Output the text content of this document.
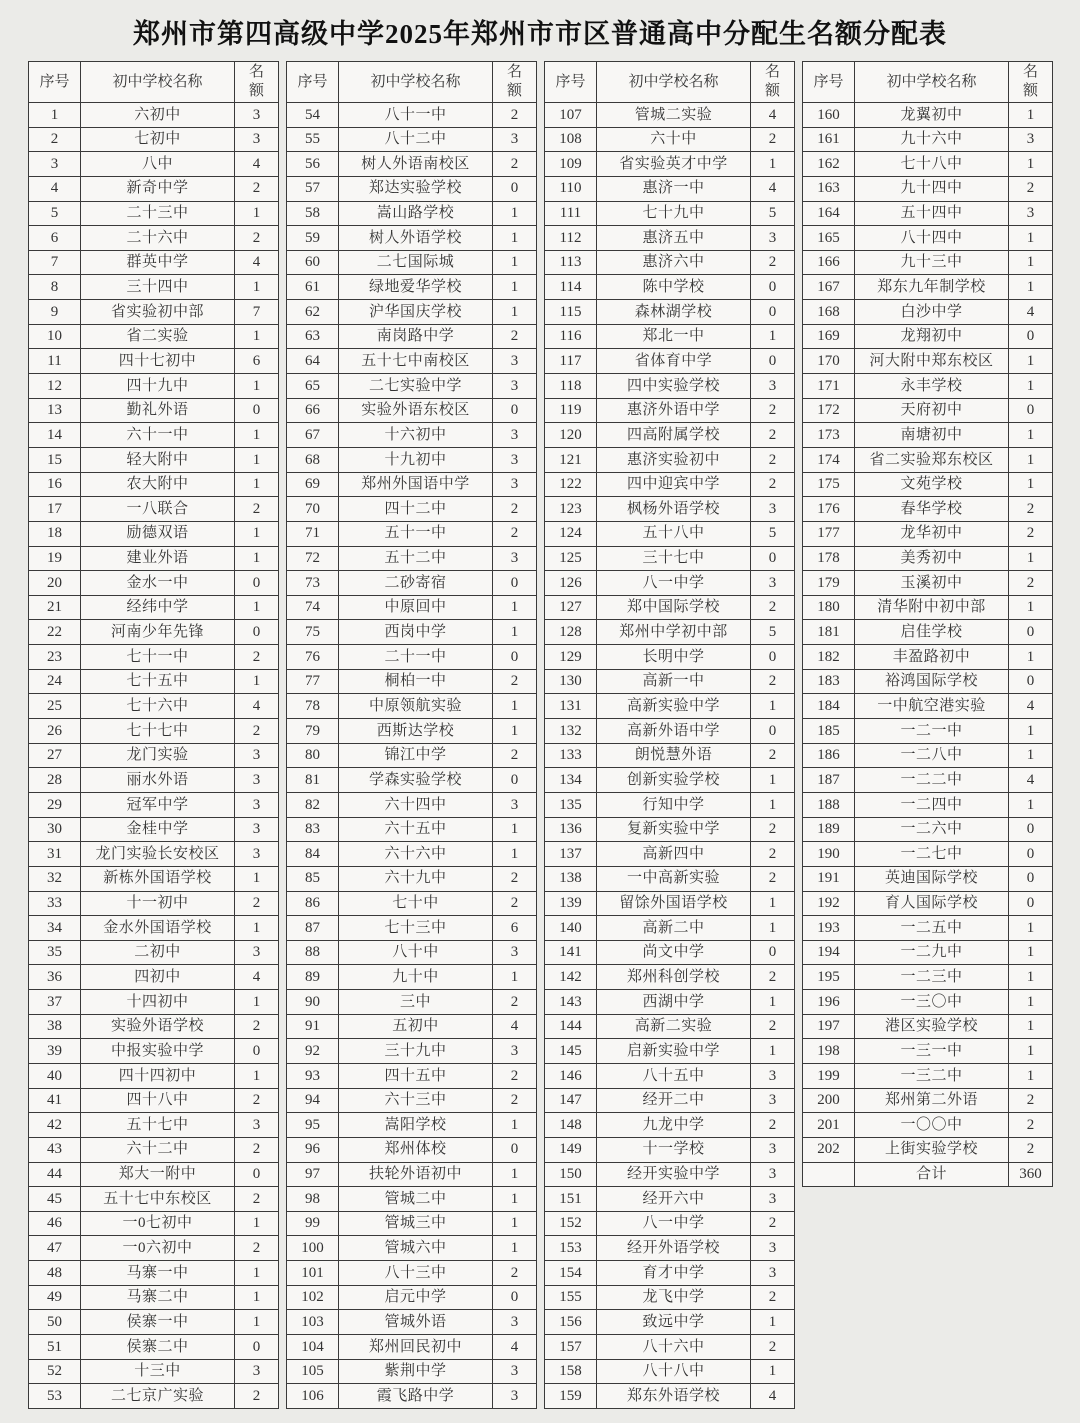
郑州市第四高级中学2025年郑州市市区普通高中分配生名额分配表
序号	初中学校名称	名额
1	六初中	3
2	七初中	3
3	八中	4
4	新奇中学	2
5	二十三中	1
6	二十六中	2
7	群英中学	4
8	三十四中	1
9	省实验初中部	7
10	省二实验	1
11	四十七初中	6
12	四十九中	1
13	勤礼外语	0
14	六十一中	1
15	轻大附中	1
16	农大附中	1
17	一八联合	2
18	励德双语	1
19	建业外语	1
20	金水一中	0
21	经纬中学	1
22	河南少年先锋	0
23	七十一中	2
24	七十五中	1
25	七十六中	4
26	七十七中	2
27	龙门实验	3
28	丽水外语	3
29	冠军中学	3
30	金桂中学	3
31	龙门实验长安校区	3
32	新栋外国语学校	1
33	十一初中	2
34	金水外国语学校	1
35	二初中	3
36	四初中	4
37	十四初中	1
38	实验外语学校	2
39	中报实验中学	0
40	四十四初中	1
41	四十八中	2
42	五十七中	3
43	六十二中	2
44	郑大一附中	0
45	五十七中东校区	2
46	一0七初中	1
47	一0六初中	2
48	马寨一中	1
49	马寨二中	1
50	侯寨一中	1
51	侯寨二中	0
52	十三中	3
53	二七京广实验	2
序号	初中学校名称	名额
54	八十一中	2
55	八十二中	3
56	树人外语南校区	2
57	郑达实验学校	0
58	嵩山路学校	1
59	树人外语学校	1
60	二七国际城	1
61	绿地爱华学校	1
62	沪华国庆学校	1
63	南岗路中学	2
64	五十七中南校区	3
65	二七实验中学	3
66	实验外语东校区	0
67	十六初中	3
68	十九初中	3
69	郑州外国语中学	3
70	四十二中	2
71	五十一中	2
72	五十二中	3
73	二砂寄宿	0
74	中原回中	1
75	西岗中学	1
76	二十一中	0
77	桐柏一中	2
78	中原领航实验	1
79	西斯达学校	1
80	锦江中学	2
81	学森实验学校	0
82	六十四中	3
83	六十五中	1
84	六十六中	1
85	六十九中	2
86	七十中	2
87	七十三中	6
88	八十中	3
89	九十中	1
90	三中	2
91	五初中	4
92	三十九中	3
93	四十五中	2
94	六十三中	2
95	嵩阳学校	1
96	郑州体校	0
97	扶轮外语初中	1
98	管城二中	1
99	管城三中	1
100	管城六中	1
101	八十三中	2
102	启元中学	0
103	管城外语	3
104	郑州回民初中	4
105	紫荆中学	3
106	霞飞路中学	3
序号	初中学校名称	名额
107	管城二实验	4
108	六十中	2
109	省实验英才中学	1
110	惠济一中	4
111	七十九中	5
112	惠济五中	3
113	惠济六中	2
114	陈中学校	0
115	森林湖学校	0
116	郑北一中	1
117	省体育中学	0
118	四中实验学校	3
119	惠济外语中学	2
120	四高附属学校	2
121	惠济实验初中	2
122	四中迎宾中学	2
123	枫杨外语学校	3
124	五十八中	5
125	三十七中	0
126	八一中学	3
127	郑中国际学校	2
128	郑州中学初中部	5
129	长明中学	0
130	高新一中	2
131	高新实验中学	1
132	高新外语中学	0
133	朗悦慧外语	2
134	创新实验学校	1
135	行知中学	1
136	复新实验中学	2
137	高新四中	2
138	一中高新实验	2
139	留馀外国语学校	1
140	高新二中	1
141	尚文中学	0
142	郑州科创学校	2
143	西湖中学	1
144	高新二实验	2
145	启新实验中学	1
146	八十五中	3
147	经开二中	3
148	九龙中学	2
149	十一学校	3
150	经开实验中学	3
151	经开六中	3
152	八一中学	2
153	经开外语学校	3
154	育才中学	3
155	龙飞中学	2
156	致远中学	1
157	八十六中	2
158	八十八中	1
159	郑东外语学校	4
序号	初中学校名称	名额
160	龙翼初中	1
161	九十六中	3
162	七十八中	1
163	九十四中	2
164	五十四中	3
165	八十四中	1
166	九十三中	1
167	郑东九年制学校	1
168	白沙中学	4
169	龙翔初中	0
170	河大附中郑东校区	1
171	永丰学校	1
172	天府初中	0
173	南塘初中	1
174	省二实验郑东校区	1
175	文苑学校	1
176	春华学校	2
177	龙华初中	2
178	美秀初中	1
179	玉溪初中	2
180	清华附中初中部	1
181	启佳学校	0
182	丰盈路初中	1
183	裕鸿国际学校	0
184	一中航空港实验	4
185	一二一中	1
186	一二八中	1
187	一二二中	4
188	一二四中	1
189	一二六中	0
190	一二七中	0
191	英迪国际学校	0
192	育人国际学校	0
193	一二五中	1
194	一二九中	1
195	一二三中	1
196	一三〇中	1
197	港区实验学校	1
198	一三一中	1
199	一三二中	1
200	郑州第二外语	2
201	一〇〇中	2
202	上街实验学校	2
	合计	360
